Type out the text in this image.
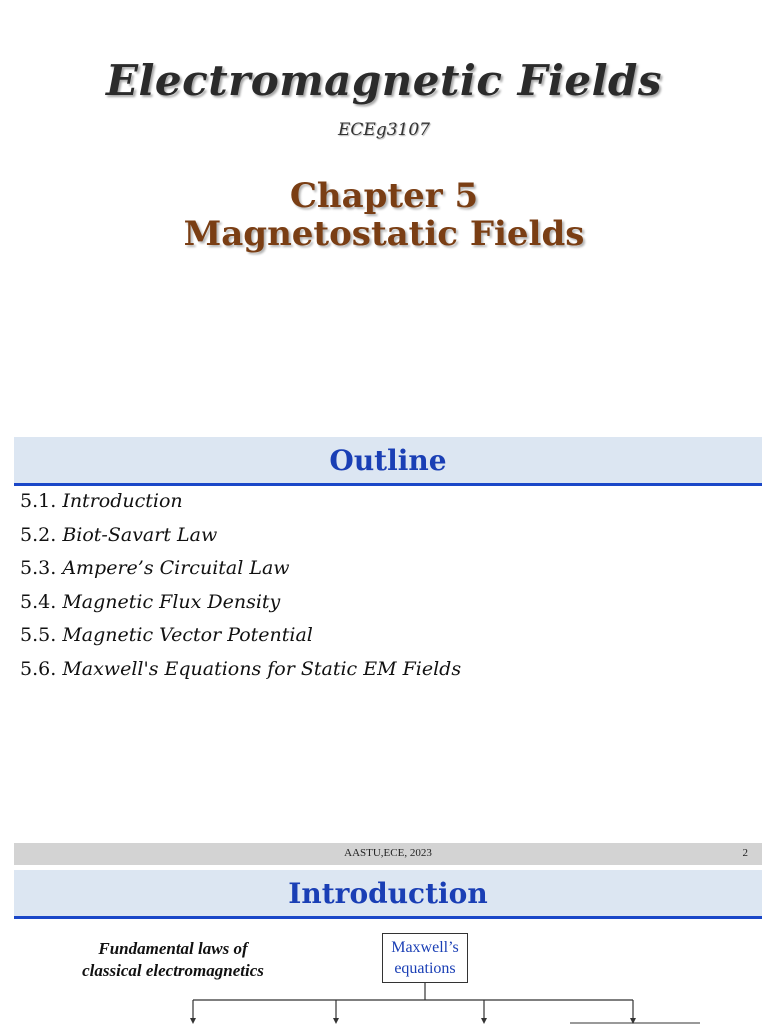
Electromagnetic Fields
ECEg3107
Chapter 5
Magnetostatic Fields
Outline
5.1. Introduction
5.2. Biot-Savart Law
5.3. Ampere’s Circuital Law
5.4. Magnetic Flux Density
5.5. Magnetic Vector Potential
5.6. Maxwell's Equations for Static EM Fields
AASTU,ECE, 2023	2
Introduction
Fundamental laws of
classical electromagnetics
Maxwell’s
equations
